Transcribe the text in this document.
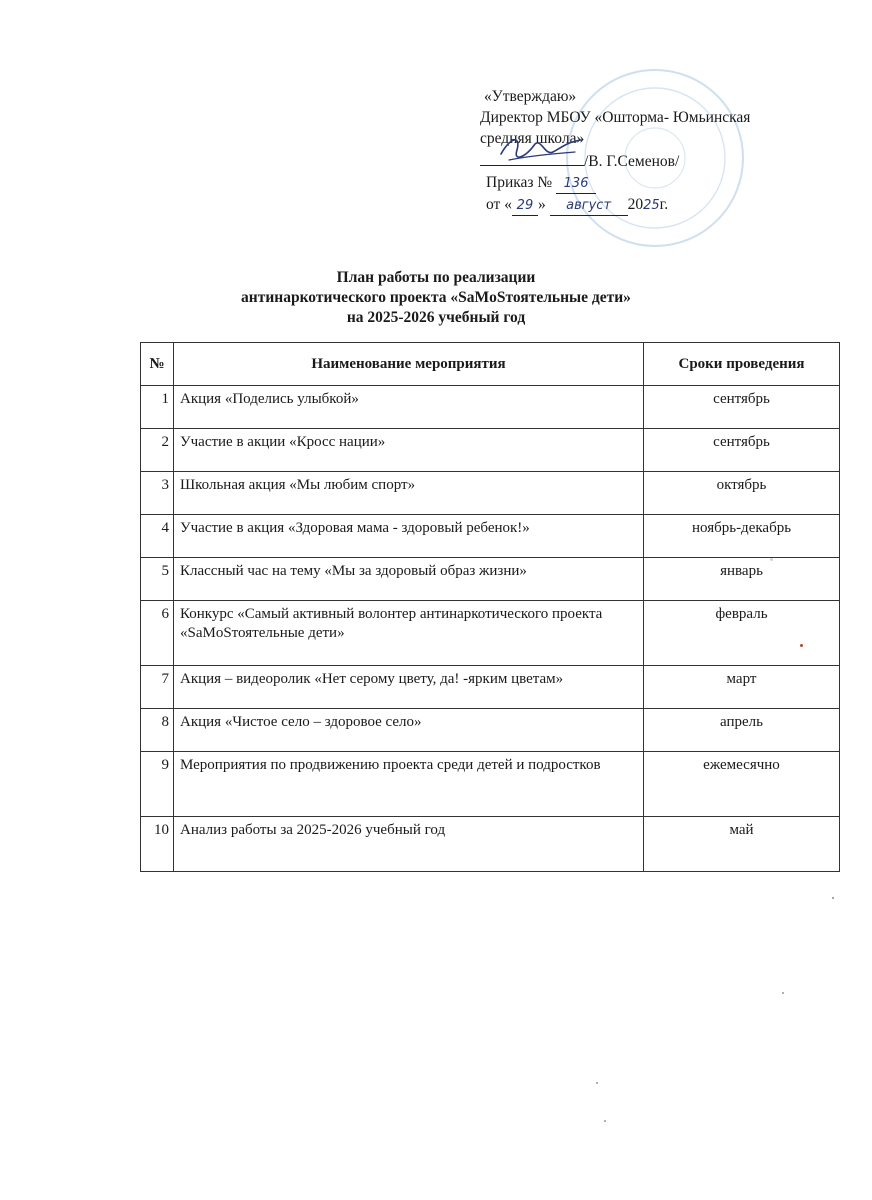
«Утверждаю»
Директор МБОУ «Ошторма- Юмьинская
средняя школа»
/В. Г.Семенов/
Приказ № 136
от « 29 » август 2025г.
План работы по реализации
антинаркотического проекта «SaMoSтоятельные дети»
на 2025-2026 учебный год
№	Наименование мероприятия	Сроки проведения
1	Акция «Поделись улыбкой»	сентябрь
2	Участие в акции «Кросс нации»	сентябрь
3	Школьная акция «Мы любим спорт»	октябрь
4	Участие в акция «Здоровая мама - здоровый ребенок!»	ноябрь-декабрь
5	Классный час на тему «Мы за здоровый образ жизни»	январь
6	Конкурс «Самый активный волонтер антинаркотического проекта «SaMoSтоятельные дети»	февраль
7	Акция – видеоролик «Нет серому цвету, да! -ярким цветам»	март
8	Акция «Чистое село – здоровое село»	апрель
9	Мероприятия по продвижению проекта среди детей и подростков	ежемесячно
10	Анализ работы за 2025-2026 учебный год	май
